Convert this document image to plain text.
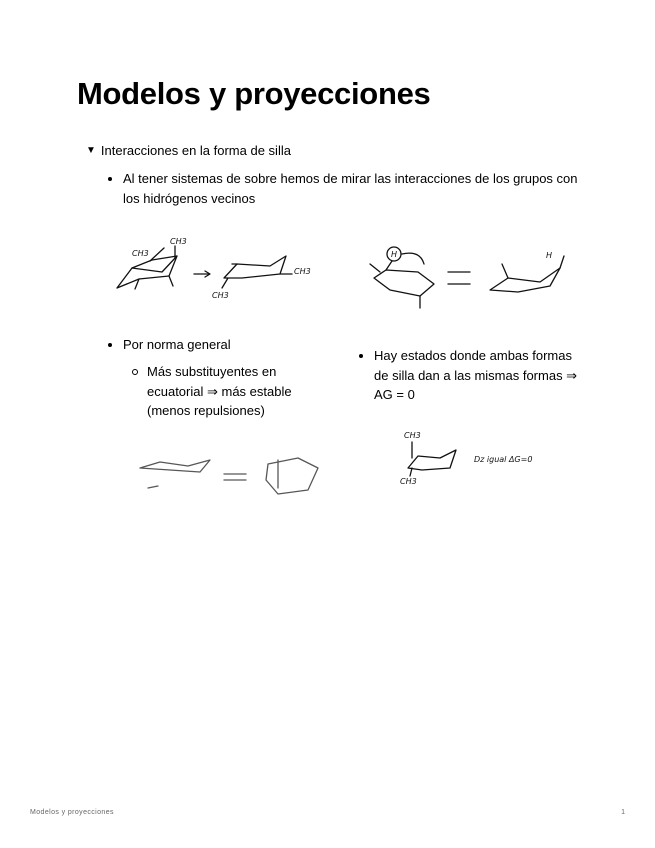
Modelos y proyecciones
▼ Interacciones en la forma de silla
Al tener sistemas de sobre hemos de mirar las interacciones de los grupos con los hidrógenos vecinos
CH3
CH3
CH3
CH3
H	H
Por norma general
Más substituyentes en ecuatorial ⇒ más estable (menos repulsiones)
Hay estados donde ambas formas de silla dan a las mismas formas ⇒ AG = 0
CH3
CH3
Dz igual ΔG=0
Modelos y proyecciones	1
